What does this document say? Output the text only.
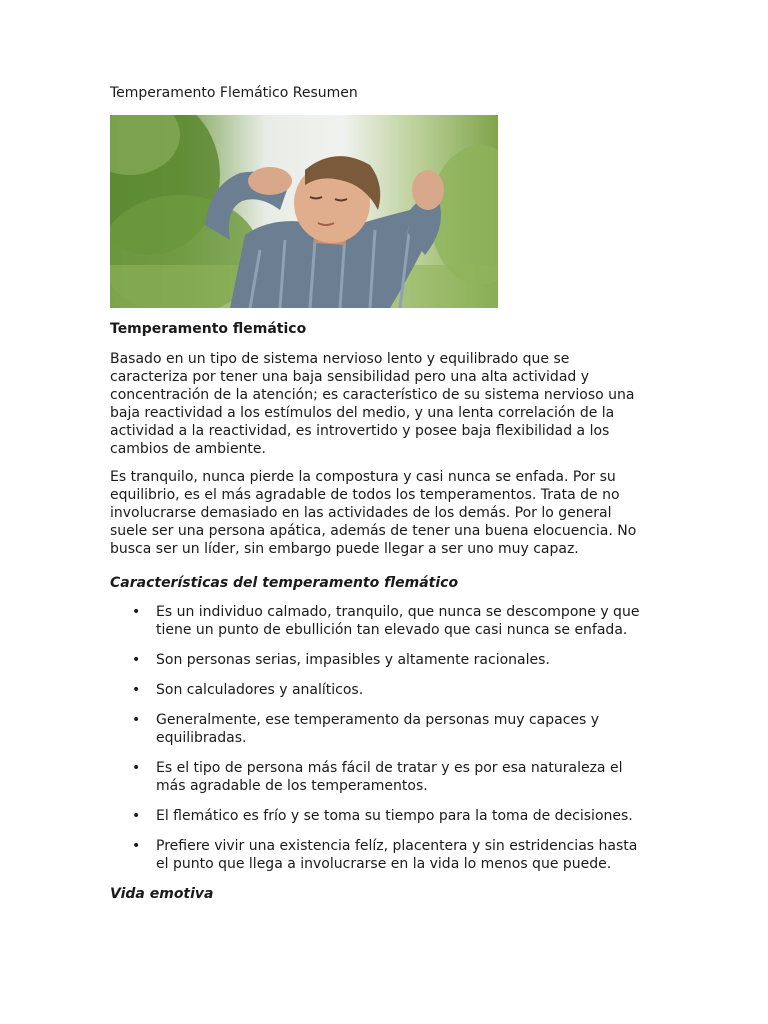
Temperamento Flemático Resumen
Temperamento flemático

Basado en un tipo de sistema nervioso lento y equilibrado que se caracteriza por tener una baja sensibilidad pero una alta actividad y concentración de la atención; es característico de su sistema nervioso una baja reactividad a los estímulos del medio, y una lenta correlación de la actividad a la reactividad, es introvertido y posee baja flexibilidad a los cambios de ambiente.

Es tranquilo, nunca pierde la compostura y casi nunca se enfada. Por su equilibrio, es el más agradable de todos los temperamentos. Trata de no involucrarse demasiado en las actividades de los demás. Por lo general suele ser una persona apática, además de tener una buena elocuencia. No busca ser un líder, sin embargo puede llegar a ser uno muy capaz.

Características del temperamento flemático
• Es un individuo calmado, tranquilo, que nunca se descompone y que tiene un punto de ebullición tan elevado que casi nunca se enfada.
• Son personas serias, impasibles y altamente racionales.
• Son calculadores y analíticos.
• Generalmente, ese temperamento da personas muy capaces y equilibradas.
• Es el tipo de persona más fácil de tratar y es por esa naturaleza el más agradable de los temperamentos.
• El flemático es frío y se toma su tiempo para la toma de decisiones.
• Prefiere vivir una existencia felíz, placentera y sin estridencias hasta el punto que llega a involucrarse en la vida lo menos que puede.
Vida emotiva
